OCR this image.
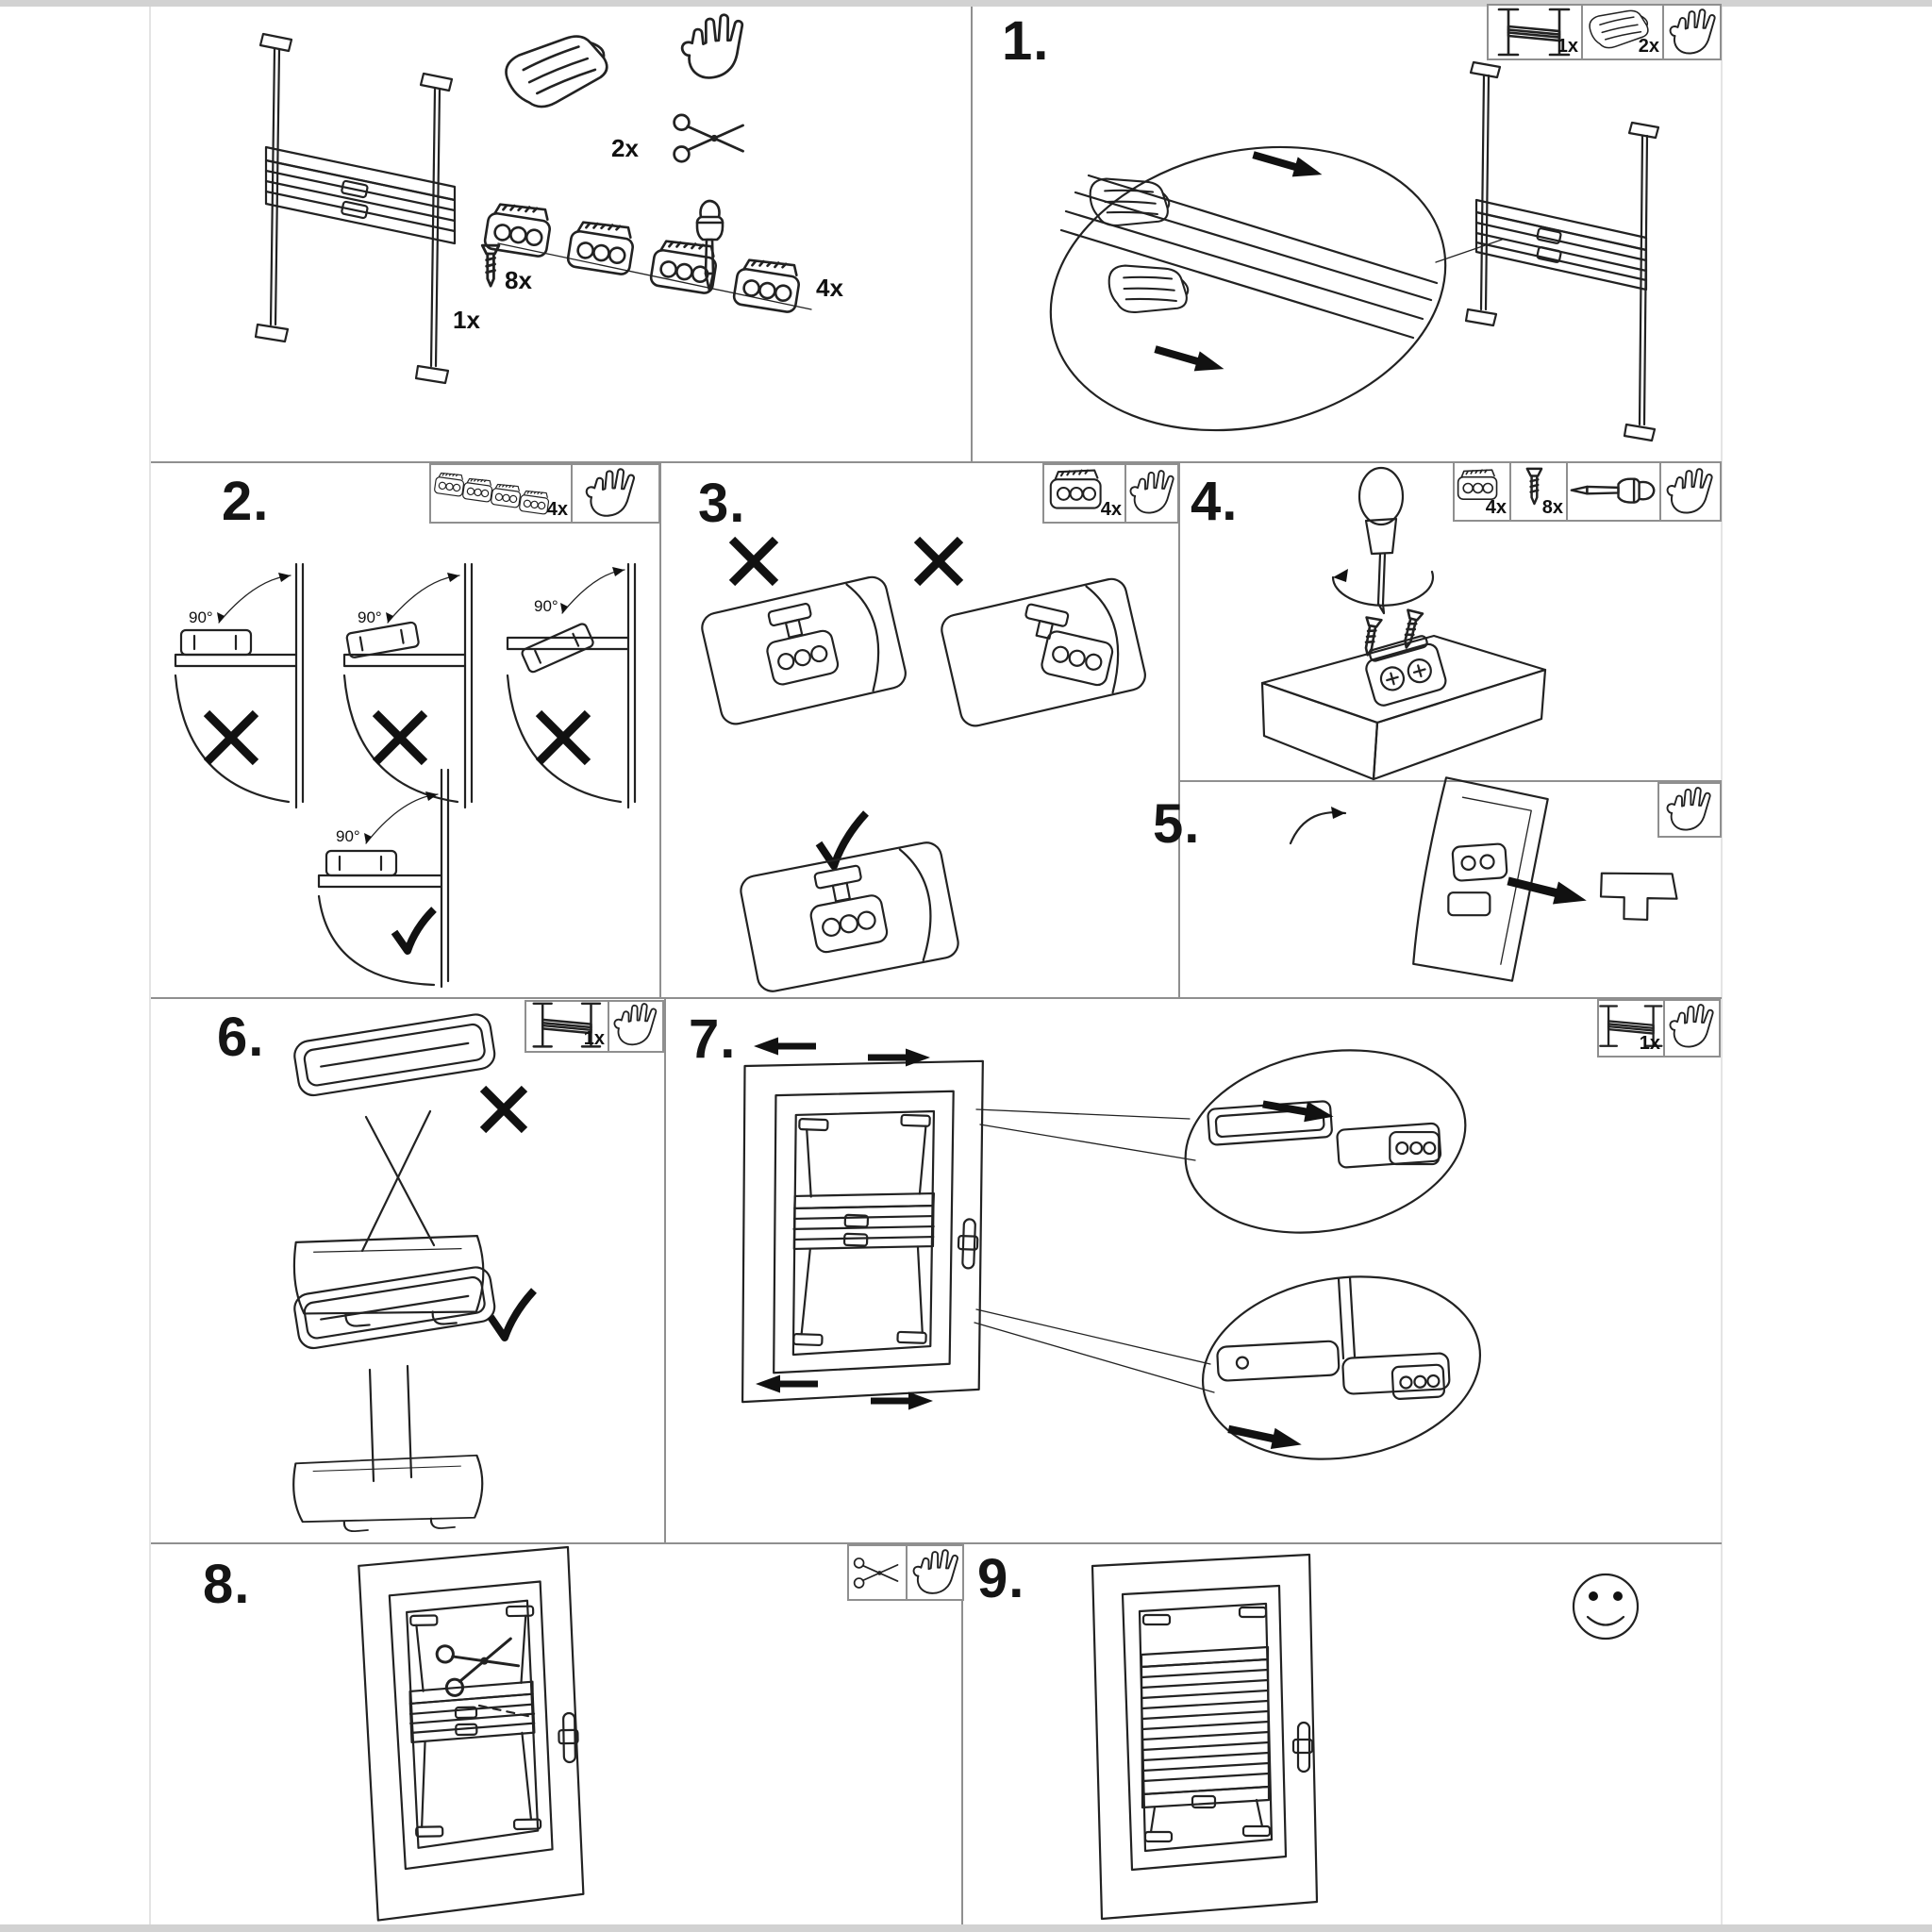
1x
2x
4x
8x
1.	1x	2x
2.	4x
90°	90°
90°
90°
3.	4x 4.	4x 8x
5.
6.	1x 7.	1x
8.	9.
